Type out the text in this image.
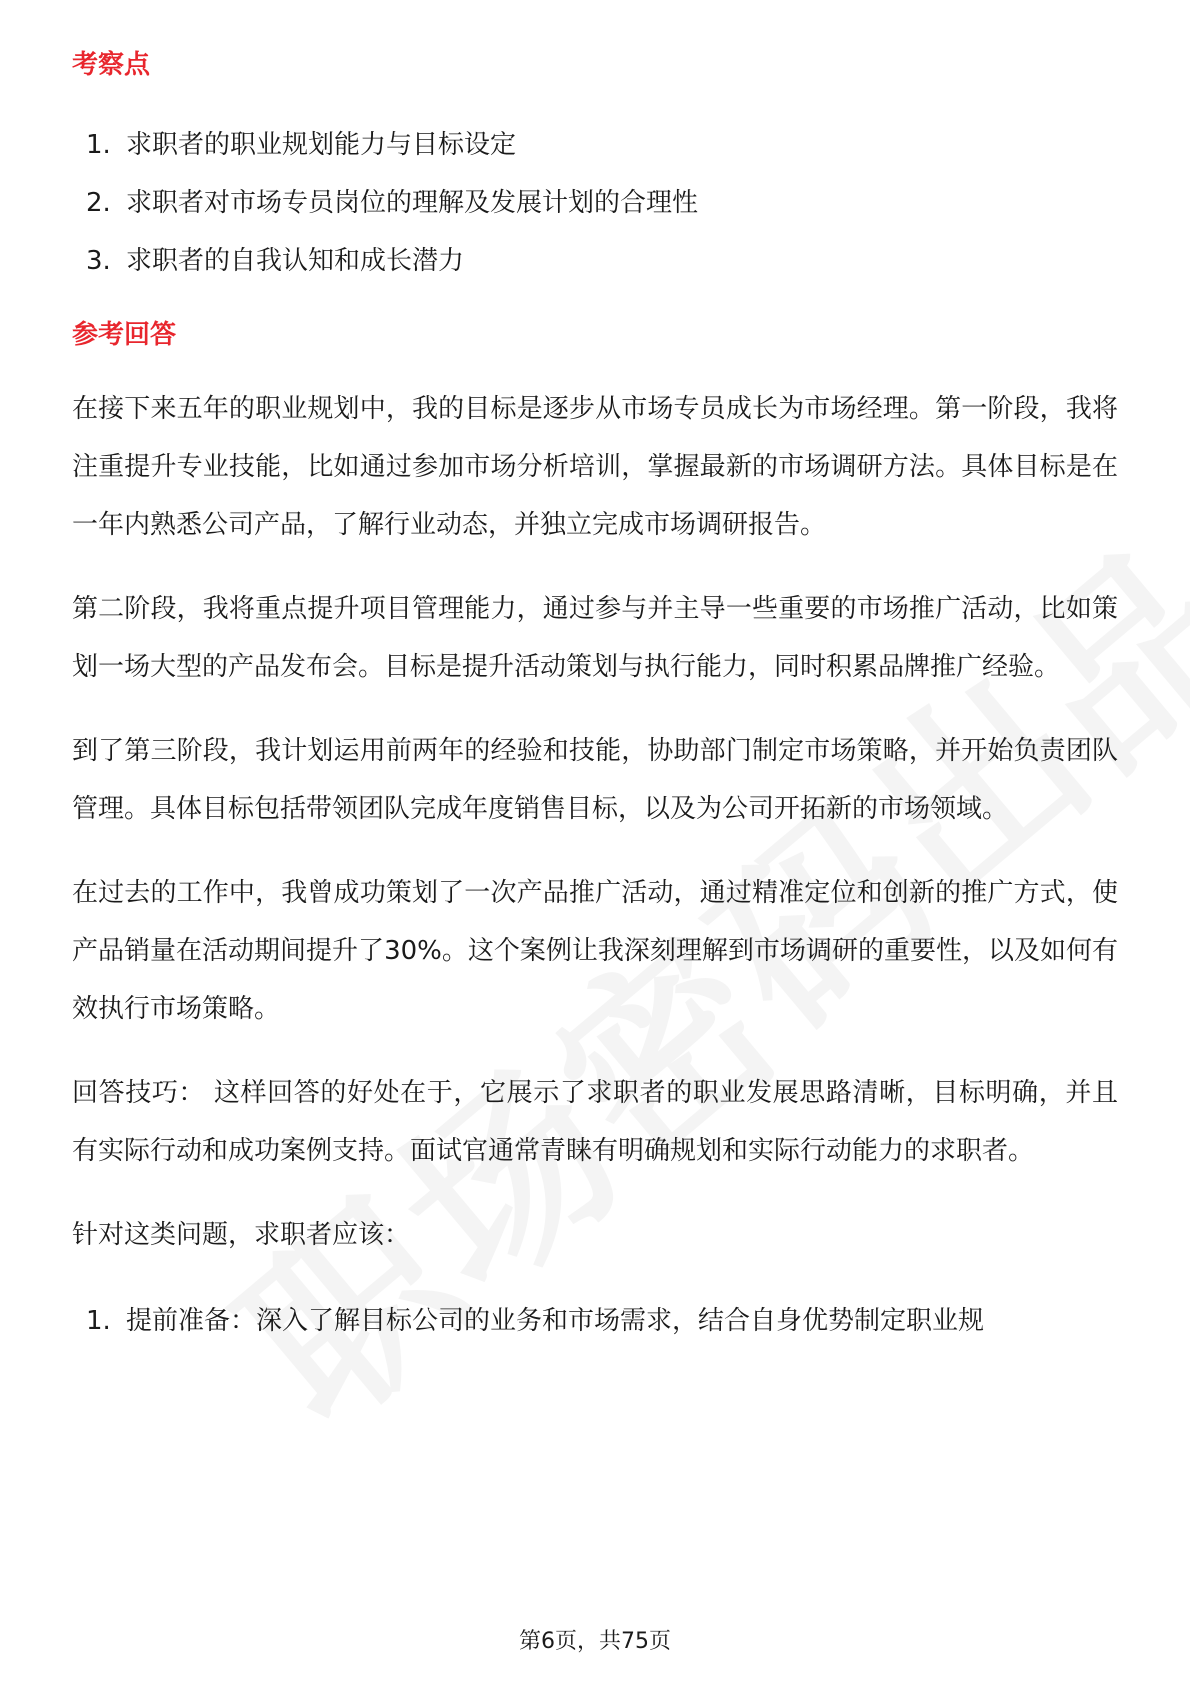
考察点
1. 求职者的职业规划能力与目标设定
2. 求职者对市场专员岗位的理解及发展计划的合理性
3. 求职者的自我认知和成长潜力
参考回答

在接下来五年的职业规划中，我的目标是逐步从市场专员成长为市场经理。第一阶段，我将注重提升专业技能，比如通过参加市场分析培训，掌握最新的市场调研方法。具体目标是在一年内熟悉公司产品，了解行业动态，并独立完成市场调研报告。

第二阶段，我将重点提升项目管理能力，通过参与并主导一些重要的市场推广活动，比如策划一场大型的产品发布会。目标是提升活动策划与执行能力，同时积累品牌推广经验。

到了第三阶段，我计划运用前两年的经验和技能，协助部门制定市场策略，并开始负责团队管理。具体目标包括带领团队完成年度销售目标，以及为公司开拓新的市场领域。

在过去的工作中，我曾成功策划了一次产品推广活动，通过精准定位和创新的推广方式，使产品销量在活动期间提升了30%。这个案例让我深刻理解到市场调研的重要性，以及如何有效执行市场策略。

回答技巧： 这样回答的好处在于，它展示了求职者的职业发展思路清晰，目标明确，并且有实际行动和成功案例支持。面试官通常青睐有明确规划和实际行动能力的求职者。

针对这类问题，求职者应该：

1. 提前准备：深入了解目标公司的业务和市场需求，结合自身优势制定职业规
第6页，共75页
